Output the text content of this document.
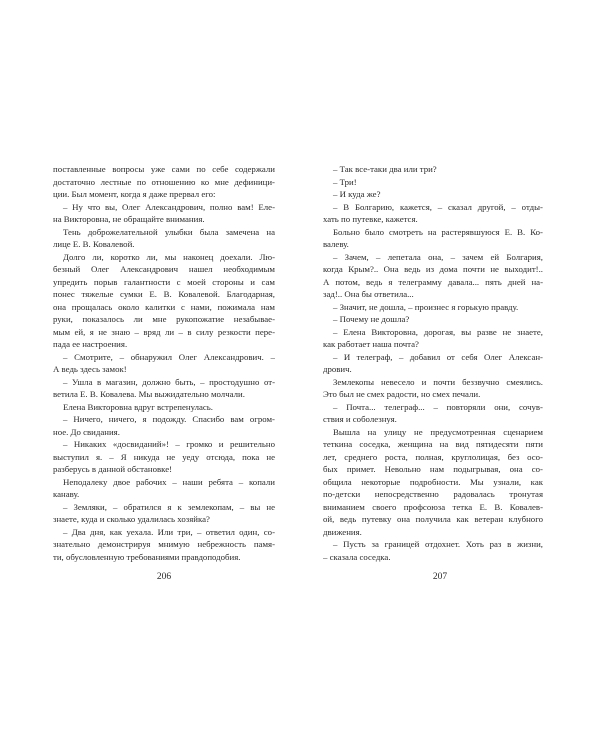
поставленные вопросы уже сами по себе содержали
достаточно лестные по отношению ко мне дефиници-
ции. Был момент, когда я даже прервал его:
– Ну что вы, Олег Александрович, полно вам! Еле-
на Викторовна, не обращайте внимания.
Тень доброжелательной улыбки была замечена на
лице Е. В. Ковалевой.
Долго ли, коротко ли, мы наконец доехали. Лю-
безный Олег Александрович нашел необходимым
упредить порыв галантности с моей стороны и сам
понес тяжелые сумки Е. В. Ковалевой. Благодарная,
она прощалась около калитки с нами, пожимала нам
руки, показалось ли мне рукопожатие незабывае-
мым ей, я не знаю – вряд ли – в силу резкости пере-
пада ее настроения.
– Смотрите, – обнаружил Олег Александрович. –
А ведь здесь замок!
– Ушла в магазин, должно быть, – простодушно от-
ветила Е. В. Ковалева. Мы выжидательно молчали.
Елена Викторовна вдруг встрепенулась.
– Ничего, ничего, я подожду. Спасибо вам огром-
ное. До свидания.
– Никаких «досвиданий»! – громко и решительно
выступил я. – Я никуда не уеду отсюда, пока не
разберусь в данной обстановке!
Неподалеку двое рабочих – наши ребята – копали
канаву.
– Земляки, – обратился я к землекопам, – вы не
знаете, куда и сколько удалилась хозяйка?
– Два дня, как уехала. Или три, – ответил один, со-
знательно демонстрируя мнимую небрежность памя-
ти, обусловленную требованиями правдоподобия.
206
– Так все-таки два или три?
– Три!
– И куда же?
– В Болгарию, кажется, – сказал другой, – отды-
хать по путевке, кажется.
Больно было смотреть на растерявшуюся Е. В. Ко-
валеву.
– Зачем, – лепетала она, – зачем ей Болгария,
когда Крым?.. Она ведь из дома почти не выходит!..
А потом, ведь я телеграмму давала... пять дней на-
зад!.. Она бы ответила...
– Значит, не дошла, – произнес я горькую правду.
– Почему не дошла?
– Елена Викторовна, дорогая, вы разве не знаете,
как работает наша почта?
– И телеграф, – добавил от себя Олег Алексан-
дрович.
Землекопы невесело и почти беззвучно смеялись.
Это был не смех радости, но смех печали.
– Почта... телеграф... – повторяли они, сочув-
ствия и соболезнуя.
Вышла на улицу не предусмотренная сценарием
теткина соседка, женщина на вид пятидесяти пяти
лет, среднего роста, полная, круглолицая, без осо-
бых примет. Невольно нам подыгрывая, она со-
общила некоторые подробности. Мы узнали, как
по-детски непосредственно радовалась тронутая
вниманием своего профсоюза тетка Е. В. Ковалев-
ой, ведь путевку она получила как ветеран клубного
движения.
– Пусть за границей отдохнет. Хоть раз в жизни,
– сказала соседка.
207
